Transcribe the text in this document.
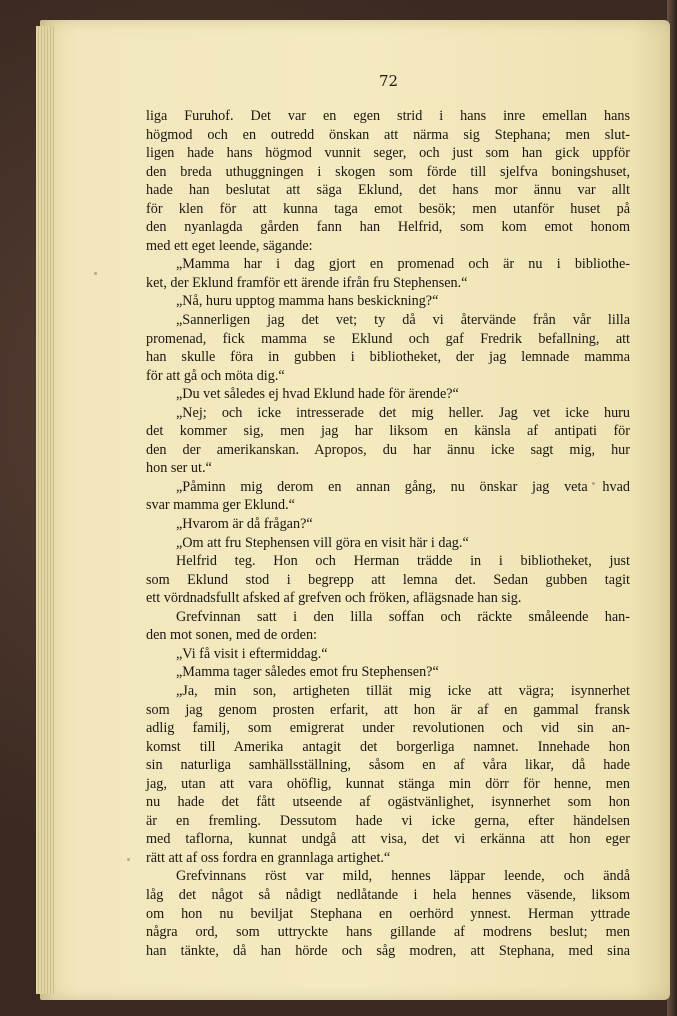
72
liga Furuhof. Det var en egen strid i hans inre emellan hans
högmod och en outredd önskan att närma sig Stephana; men slut-
ligen hade hans högmod vunnit seger, och just som han gick uppför
den breda uthuggningen i skogen som förde till sjelfva boningshuset,
hade han beslutat att säga Eklund, det hans mor ännu var allt
för klen för att kunna taga emot besök; men utanför huset på
den nyanlagda gården fann han Helfrid, som kom emot honom
med ett eget leende, sägande:
„Mamma har i dag gjort en promenad och är nu i bibliothe-
ket, der Eklund framför ett ärende ifrån fru Stephensen.“
„Nå, huru upptog mamma hans beskickning?“
„Sannerligen jag det vet; ty då vi återvände från vår lilla
promenad, fick mamma se Eklund och gaf Fredrik befallning, att
han skulle föra in gubben i bibliotheket, der jag lemnade mamma
för att gå och möta dig.“
„Du vet således ej hvad Eklund hade för ärende?“
„Nej; och icke intresserade det mig heller. Jag vet icke huru
det kommer sig, men jag har liksom en känsla af antipati för
den der amerikanskan. Apropos, du har ännu icke sagt mig, hur
hon ser ut.“
„Påminn mig derom en annan gång, nu önskar jag veta hvad
svar mamma ger Eklund.“
„Hvarom är då frågan?“
„Om att fru Stephensen vill göra en visit här i dag.“
Helfrid teg. Hon och Herman trädde in i bibliotheket, just
som Eklund stod i begrepp att lemna det. Sedan gubben tagit
ett vördnadsfullt afsked af grefven och fröken, aflägsnade han sig.
Grefvinnan satt i den lilla soffan och räckte småleende han-
den mot sonen, med de orden:
„Vi få visit i eftermiddag.“
„Mamma tager således emot fru Stephensen?“
„Ja, min son, artigheten tillät mig icke att vägra; isynnerhet
som jag genom prosten erfarit, att hon är af en gammal fransk
adlig familj, som emigrerat under revolutionen och vid sin an-
komst till Amerika antagit det borgerliga namnet. Innehade hon
sin naturliga samhällsställning, såsom en af våra likar, då hade
jag, utan att vara ohöflig, kunnat stänga min dörr för henne, men
nu hade det fått utseende af ogästvänlighet, isynnerhet som hon
är en fremling. Dessutom hade vi icke gerna, efter händelsen
med taflorna, kunnat undgå att visa, det vi erkänna att hon eger
rätt att af oss fordra en grannlaga artighet.“
Grefvinnans röst var mild, hennes läppar leende, och ändå
låg det något så nådigt nedlåtande i hela hennes väsende, liksom
om hon nu beviljat Stephana en oerhörd ynnest. Herman yttrade
några ord, som uttryckte hans gillande af modrens beslut; men
han tänkte, då han hörde och såg modren, att Stephana, med sina
